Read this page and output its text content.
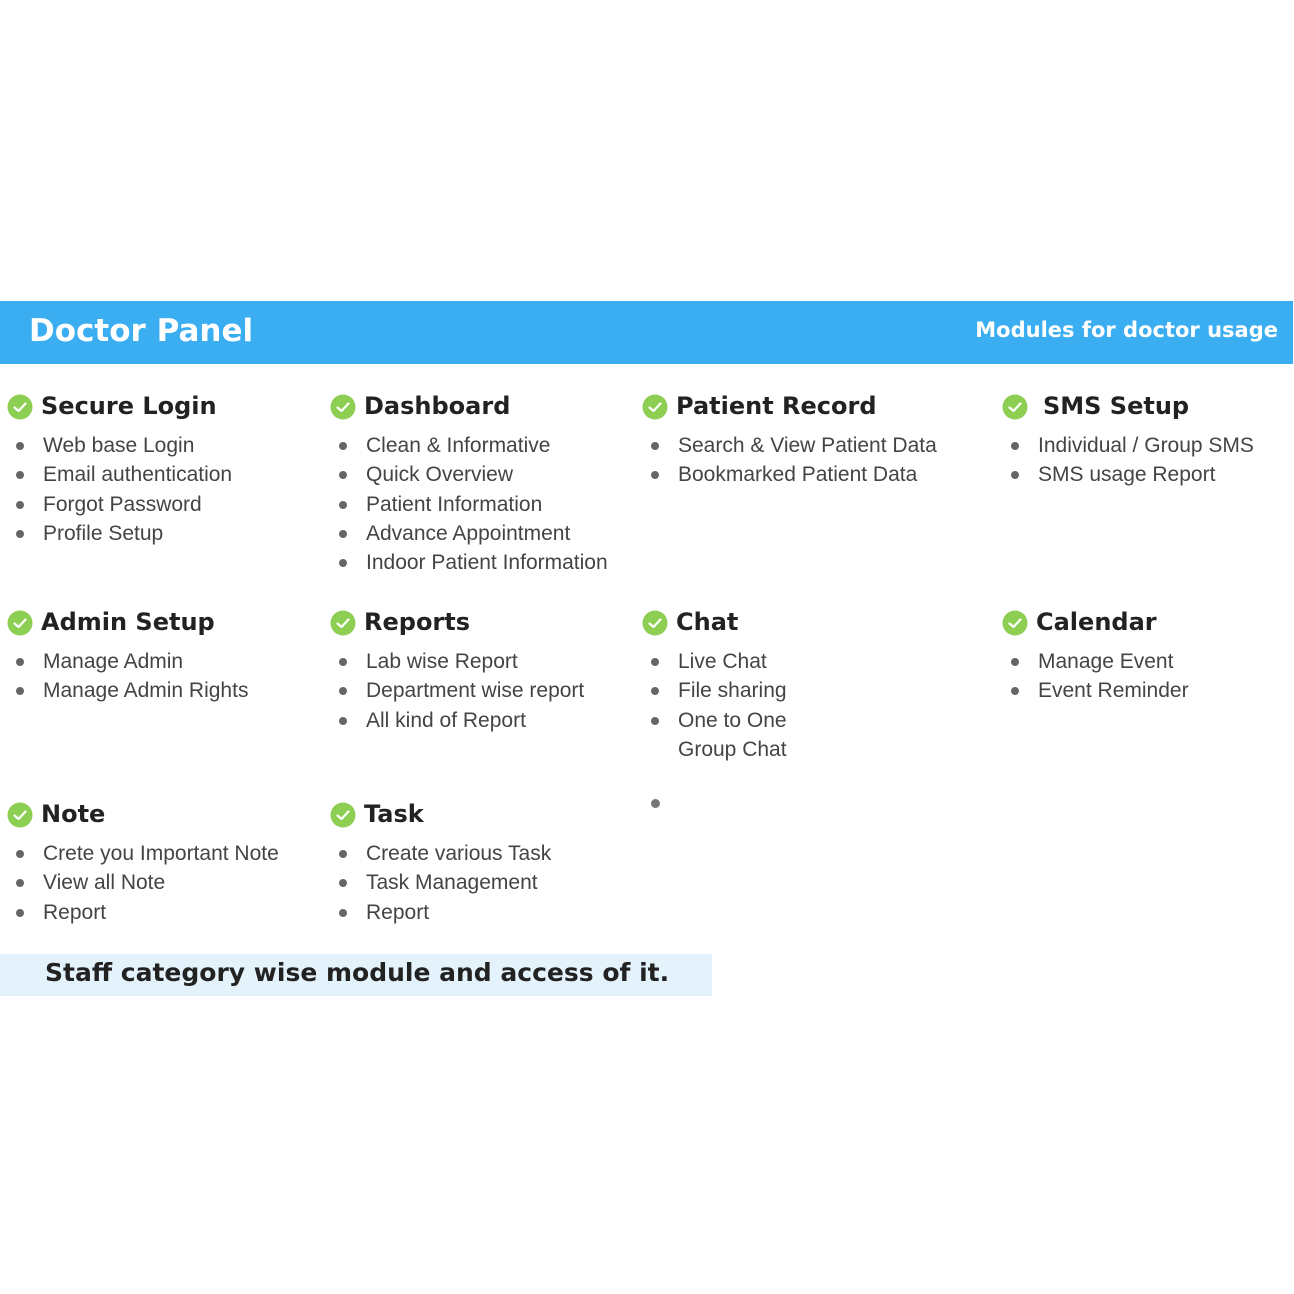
Doctor Panel	Modules for doctor usage
Secure Login
Web base Login
Email authentication
Forgot Password
Profile Setup
Dashboard
Clean & Informative
Quick Overview
Patient Information
Advance Appointment
Indoor Patient Information
Patient Record
Search & View Patient Data
Bookmarked Patient Data
SMS Setup
Individual / Group SMS
SMS usage Report
Admin Setup
Manage Admin
Manage Admin Rights
Reports
Lab wise Report
Department wise report
All kind of Report
Chat
Live Chat
File sharing
One to One
Group Chat
Calendar
Manage Event
Event Reminder
Note
Crete you Important Note
View all Note
Report
Task
Create various Task
Task Management
Report
Staff category wise module and access of it.
